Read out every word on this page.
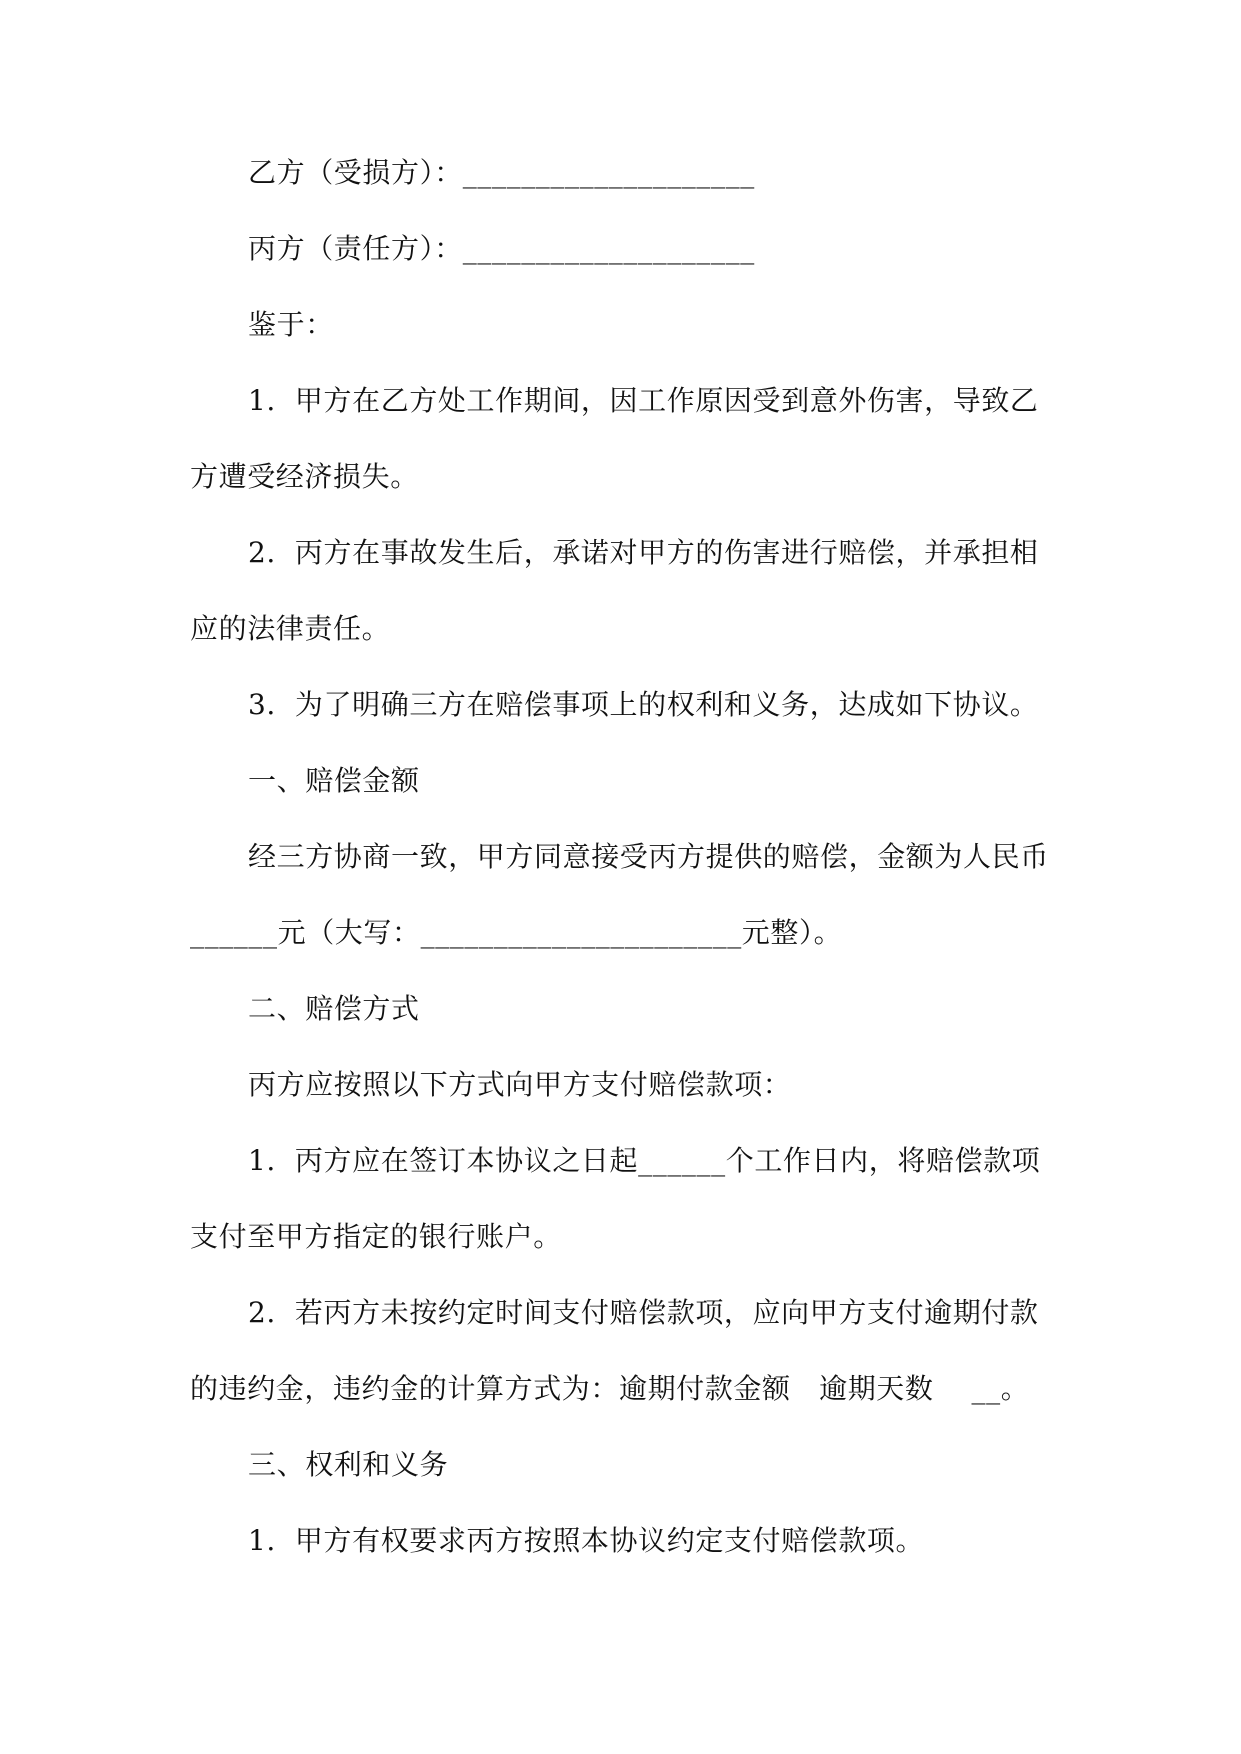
乙方（受损方）：____________________
丙方（责任方）：____________________
鉴于：
1.  甲方在乙方处工作期间，因工作原因受到意外伤害，导致乙
方遭受经济损失。
2.  丙方在事故发生后，承诺对甲方的伤害进行赔偿，并承担相
应的法律责任。
3.  为了明确三方在赔偿事项上的权利和义务，达成如下协议。
一、赔偿金额
经三方协商一致，甲方同意接受丙方提供的赔偿，金额为人民币
______元（大写：______________________元整）。
二、赔偿方式
丙方应按照以下方式向甲方支付赔偿款项：
1.  丙方应在签订本协议之日起______个工作日内，将赔偿款项
支付至甲方指定的银行账户。
2.  若丙方未按约定时间支付赔偿款项，应向甲方支付逾期付款
的违约金，违约金的计算方式为：逾期付款金额   逾期天数    __。
三、权利和义务
1.  甲方有权要求丙方按照本协议约定支付赔偿款项。
